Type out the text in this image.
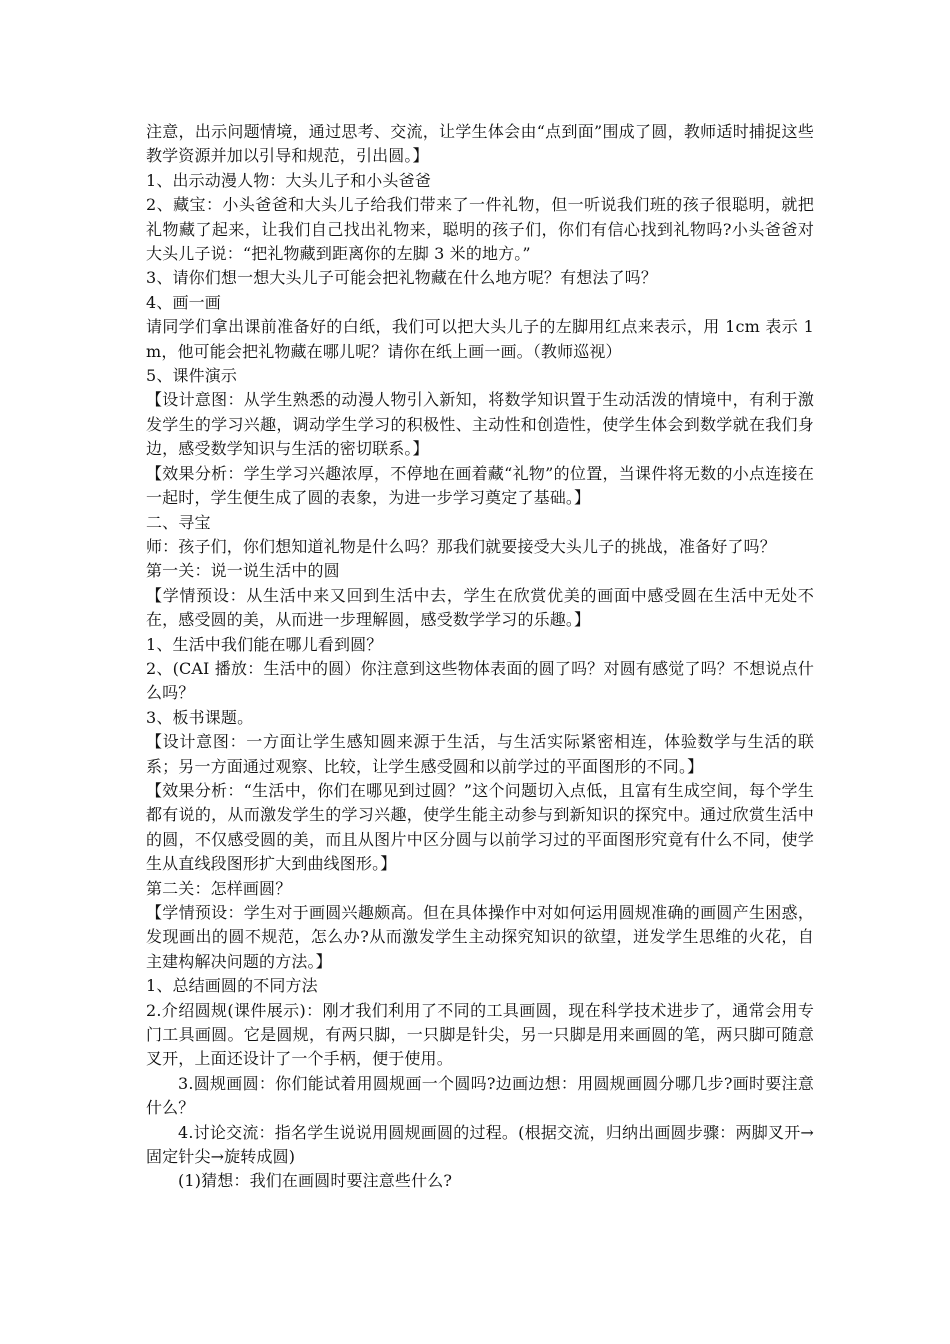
注意，出示问题情境，通过思考、交流，让学生体会由“点到面”围成了圆，教师适时捕捉这些教学资源并加以引导和规范，引出圆。】

1、出示动漫人物：大头儿子和小头爸爸

2、藏宝：小头爸爸和大头儿子给我们带来了一件礼物，但一听说我们班的孩子很聪明，就把礼物藏了起来，让我们自己找出礼物来，聪明的孩子们，你们有信心找到礼物吗?小头爸爸对大头儿子说：“把礼物藏到距离你的左脚 3 米的地方。”

3、请你们想一想大头儿子可能会把礼物藏在什么地方呢？有想法了吗？

4、画一画

请同学们拿出课前准备好的白纸，我们可以把大头儿子的左脚用红点来表示，用 1cm 表示 1m，他可能会把礼物藏在哪儿呢？请你在纸上画一画。（教师巡视）

5、课件演示

【设计意图：从学生熟悉的动漫人物引入新知，将数学知识置于生动活泼的情境中，有利于激发学生的学习兴趣，调动学生学习的积极性、主动性和创造性，使学生体会到数学就在我们身边，感受数学知识与生活的密切联系。】

【效果分析：学生学习兴趣浓厚，不停地在画着藏“礼物”的位置，当课件将无数的小点连接在一起时，学生便生成了圆的表象，为进一步学习奠定了基础。】

二、寻宝

师：孩子们，你们想知道礼物是什么吗？那我们就要接受大头儿子的挑战，准备好了吗？

第一关：说一说生活中的圆

【学情预设：从生活中来又回到生活中去，学生在欣赏优美的画面中感受圆在生活中无处不在，感受圆的美，从而进一步理解圆，感受数学学习的乐趣。】

1、生活中我们能在哪儿看到圆？

2、(CAI 播放：生活中的圆）你注意到这些物体表面的圆了吗？对圆有感觉了吗？不想说点什么吗？

3、板书课题。

【设计意图：一方面让学生感知圆来源于生活，与生活实际紧密相连，体验数学与生活的联系；另一方面通过观察、比较，让学生感受圆和以前学过的平面图形的不同。】

【效果分析：“生活中，你们在哪见到过圆？”这个问题切入点低，且富有生成空间，每个学生都有说的，从而激发学生的学习兴趣，使学生能主动参与到新知识的探究中。通过欣赏生活中的圆，不仅感受圆的美，而且从图片中区分圆与以前学习过的平面图形究竟有什么不同，使学生从直线段图形扩大到曲线图形。】

第二关：怎样画圆？

【学情预设：学生对于画圆兴趣颇高。但在具体操作中对如何运用圆规准确的画圆产生困惑，发现画出的圆不规范，怎么办?从而激发学生主动探究知识的欲望，迸发学生思维的火花，自主建构解决问题的方法。】

1、总结画圆的不同方法

2.介绍圆规(课件展示)：刚才我们利用了不同的工具画圆，现在科学技术进步了，通常会用专门工具画圆。它是圆规，有两只脚，一只脚是针尖，另一只脚是用来画圆的笔，两只脚可随意叉开，上面还设计了一个手柄，便于使用。

3.圆规画圆：你们能试着用圆规画一个圆吗?边画边想：用圆规画圆分哪几步?画时要注意什么？

4.讨论交流：指名学生说说用圆规画圆的过程。(根据交流，归纳出画圆步骤：两脚叉开→固定针尖→旋转成圆)

(1)猜想：我们在画圆时要注意些什么?
